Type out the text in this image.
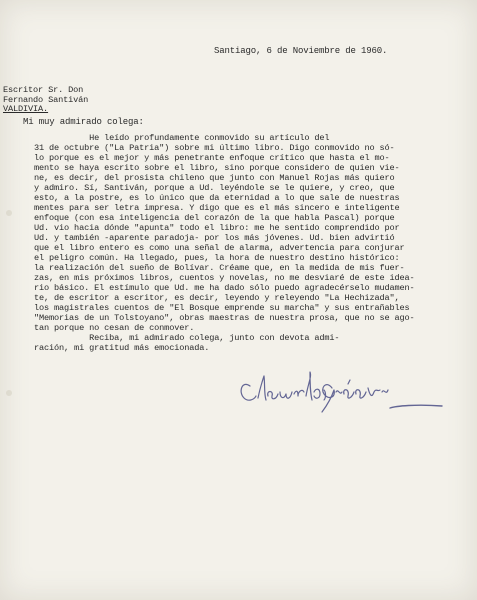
Santiago, 6 de Noviembre de 1960.
Escritor Sr. Don
Fernando Santiván
VALDIVIA.
Mi muy admirado colega:
He leído profundamente conmovido su artículo del
31 de octubre ("La Patria") sobre mi último libro. Digo conmovido no só-
lo porque es el mejor y más penetrante enfoque crítico que hasta el mo-
mento se haya escrito sobre el libro, sino porque considero de quien vie-
ne, es decir, del prosista chileno que junto con Manuel Rojas más quiero
y admiro. Sí, Santiván, porque a Ud. leyéndole se le quiere, y creo, que
esto, a la postre, es lo único que da eternidad a lo que sale de nuestras
mentes para ser letra impresa. Y digo que es el más sincero e inteligente
enfoque (con esa inteligencia del corazón de la que habla Pascal) porque
Ud. vio hacia dónde "apunta" todo el libro: me he sentido comprendido por
Ud. y también -aparente paradoja- por los más jóvenes. Ud. bien advirtió
que el libro entero es como una señal de alarma, advertencia para conjurar
el peligro común. Ha llegado, pues, la hora de nuestro destino histórico:
la realización del sueño de Bolívar. Créame que, en la medida de mis fuer-
zas, en mis próximos libros, cuentos y novelas, no me desviaré de este idea-
rio básico. El estímulo que Ud. me ha dado sólo puedo agradecérselo mudamen-
te, de escritor a escritor, es decir, leyendo y releyendo "La Hechizada",
los magistrales cuentos de "El Bosque emprende su marcha" y sus entrañables
"Memorias de un Tolstoyano", obras maestras de nuestra prosa, que no se ago-
tan porque no cesan de conmover.
Reciba, mi admirado colega, junto con devota admi-
ración, mi gratitud más emocionada.
